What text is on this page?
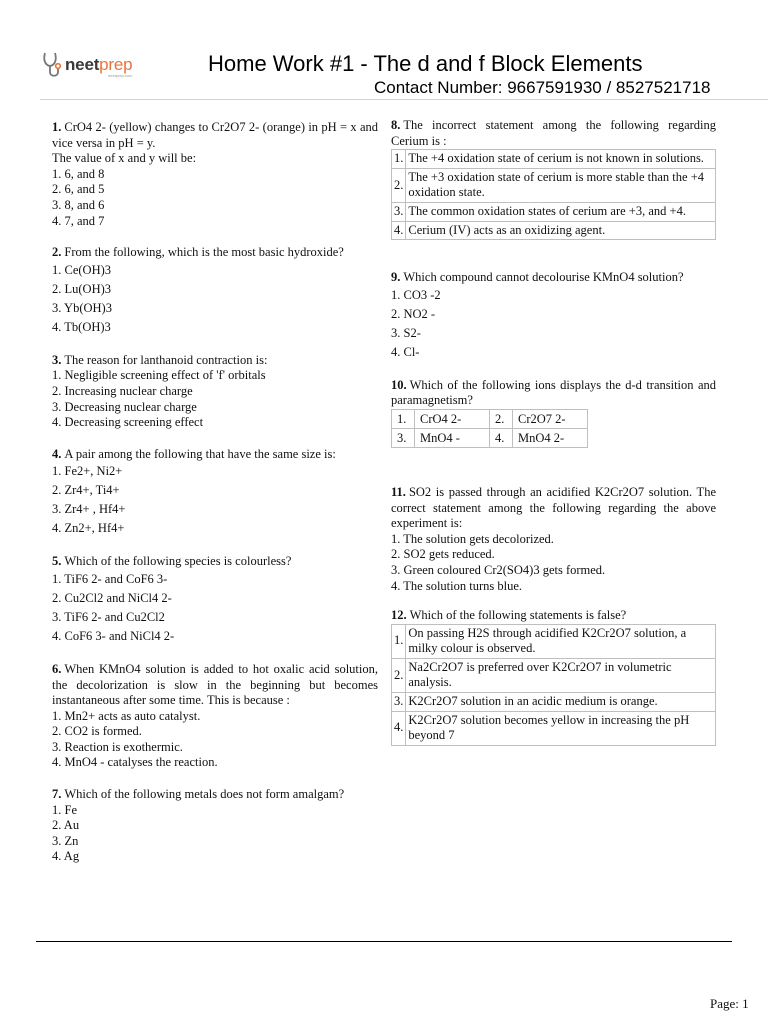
neet prep
neetprep.com	Home Work #1 - The d and f Block Elements
Contact Number: 9667591930 / 8527521718
1. CrO4 2- (yellow) changes to Cr2O7 2- (orange) in pH = x and vice versa in pH = y.
The value of x and y will be:
1. 6, and 8
2. 6, and 5
3. 8, and 6
4. 7, and 7
2. From the following, which is the most basic hydroxide?
1. Ce(OH)3
2. Lu(OH)3
3. Yb(OH)3
4. Tb(OH)3
3. The reason for lanthanoid contraction is:
1. Negligible screening effect of 'f' orbitals
2. Increasing nuclear charge
3. Decreasing nuclear charge
4. Decreasing screening effect
4. A pair among the following that have the same size is:
1. Fe2+, Ni2+
2. Zr4+, Ti4+
3. Zr4+ , Hf4+
4. Zn2+, Hf4+
5. Which of the following species is colourless?
1. TiF6 2- and CoF6 3-
2. Cu2Cl2 and NiCl4 2-
3. TiF6 2- and Cu2Cl2
4. CoF6 3- and NiCl4 2-
6. When KMnO4 solution is added to hot oxalic acid solution, the decolorization is slow in the beginning but becomes instantaneous after some time. This is because :
1. Mn2+ acts as auto catalyst.
2. CO2 is formed.
3. Reaction is exothermic.
4. MnO4 - catalyses the reaction.
7. Which of the following metals does not form amalgam?
1. Fe
2. Au
3. Zn
4. Ag
8. The incorrect statement among the following regarding Cerium is :
1.	The +4 oxidation state of cerium is not known in solutions.
2.	The +3 oxidation state of cerium is more stable than the +4 oxidation state.
3.	The common oxidation states of cerium are +3, and +4.
4.	Cerium (IV) acts as an oxidizing agent.
9. Which compound cannot decolourise KMnO4 solution?
1. CO3 -2
2. NO2 -
3. S2-
4. Cl-
10. Which of the following ions displays the d-d transition and paramagnetism?
1.	CrO4 2-	2.	Cr2O7 2-
3.	MnO4 -	4.	MnO4 2-
11. SO2 is passed through an acidified K2Cr2O7 solution. The correct statement among the following regarding the above experiment is:
1. The solution gets decolorized.
2. SO2 gets reduced.
3. Green coloured Cr2(SO4)3 gets formed.
4. The solution turns blue.
12. Which of the following statements is false?
1.	On passing H2S through acidified K2Cr2O7 solution, a milky colour is observed.
2.	Na2Cr2O7 is preferred over K2Cr2O7 in volumetric analysis.
3.	K2Cr2O7 solution in an acidic medium is orange.
4.	K2Cr2O7 solution becomes yellow in increasing the pH beyond 7
Page: 1
